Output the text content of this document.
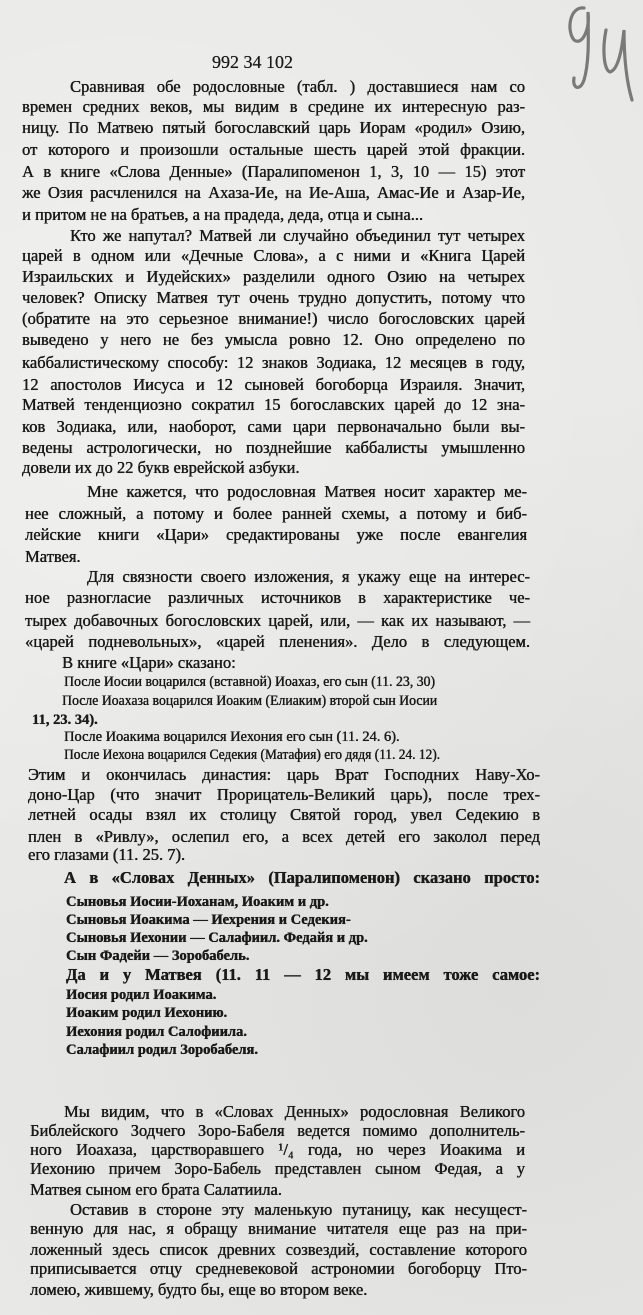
992 34 102
Сравнивая обе родословные (табл. ) доставшиеся нам со
времен средних веков, мы видим в средине их интересную раз-
ницу. По Матвею пятый богославский царь Иорам «родил» Озию,
от которого и произошли остальные шесть царей этой фракции.
А в книге «Слова Денные» (Паралипоменон 1, 3, 10 — 15) этот
же Озия расчленился на Ахаза-Ие, на Ие-Аша, Амас-Ие и Азар-Ие,
и притом не на братьев, а на прадеда, деда, отца и сына...
Кто же напутал? Матвей ли случайно объединил тут четырех
царей в одном или «Дечные Слова», а с ними и «Книга Царей
Израильских и Иудейских» разделили одного Озию на четырех
человек? Описку Матвея тут очень трудно допустить, потому что
(обратите на это серьезное внимание!) число богословских царей
выведено у него не без умысла ровно 12. Оно определено по
каббалистическому способу: 12 знаков Зодиака, 12 месяцев в году,
12 апостолов Иисуса и 12 сыновей богоборца Израиля. Значит,
Матвей тенденциозно сократил 15 богославских царей до 12 зна-
ков Зодиака, или, наоборот, сами цари первоначально были вы-
ведены астрологически, но позднейшие каббалисты умышленно
довели их до 22 букв еврейской азбуки.
Мне кажется, что родословная Матвея носит характер ме-
нее сложный, а потому и более ранней схемы, а потому и биб-
лейские книги «Цари» средактированы уже после евангелия
Матвея.
Для связности своего изложения, я укажу еще на интерес-
ное разногласие различных источников в характеристике че-
тырех добавочных богословских царей, или, — как их называют, —
«царей подневольных», «царей пленения». Дело в следующем.
В книге «Цари» сказано:
После Иосии воцарился (вставной) Иоахаз, его сын (11. 23, 30)
После Иоахаза воцарился Иоаким (Елиаким) второй сын Иосии
11, 23. 34).
После Иоакима воцарился Иехония его сын (11. 24. 6).
После Иехона воцарился Седекия (Матафия) его дядя (11. 24. 12).
Этим и окончилась династия: царь Врат Господних Наву-Хо-
доно-Цар (что значит Прорицатель-Великий царь), после трех-
летней осады взял их столицу Святой город, увел Седекию в
плен в «Ривлу», ослепил его, а всех детей его заколол перед
его глазами (11. 25. 7).
А в «Словах Денных» (Паралипоменон) сказано просто:
Сыновья Иосии-Иоханам, Иоаким и др.
Сыновья Иоакима — Иехрения и Седекия-
Сыновья Иехонии — Салафиил. Федайя и др.
Сын Фадейи — Зоробабель.
Да и у Матвея (11. 11 — 12 мы имеем тоже самое:
Иосия родил Иоакима.
Иоаким родил Иехонию.
Иехония родил Салофиила.
Салафиил родил Зоробабеля.
Мы видим, что в «Словах Денных» родословная Великого
Библейского Зодчего Зоро-Бабеля ведется помимо дополнитель-
ного Иоахаза, царстворавшего ¹/₄ года, но через Иоакима и
Иехонию причем Зоро-Бабель представлен сыном Федая, а у
Матвея сыном его брата Салатиила.
Оставив в стороне эту маленькую путаницу, как несущест-
венную для нас, я обращу внимание читателя еще раз на при-
ложенный здесь список древних созвездий, составление которого
приписывается отцу средневековой астрономии богоборцу Пто-
ломею, жившему, будто бы, еще во втором веке.
